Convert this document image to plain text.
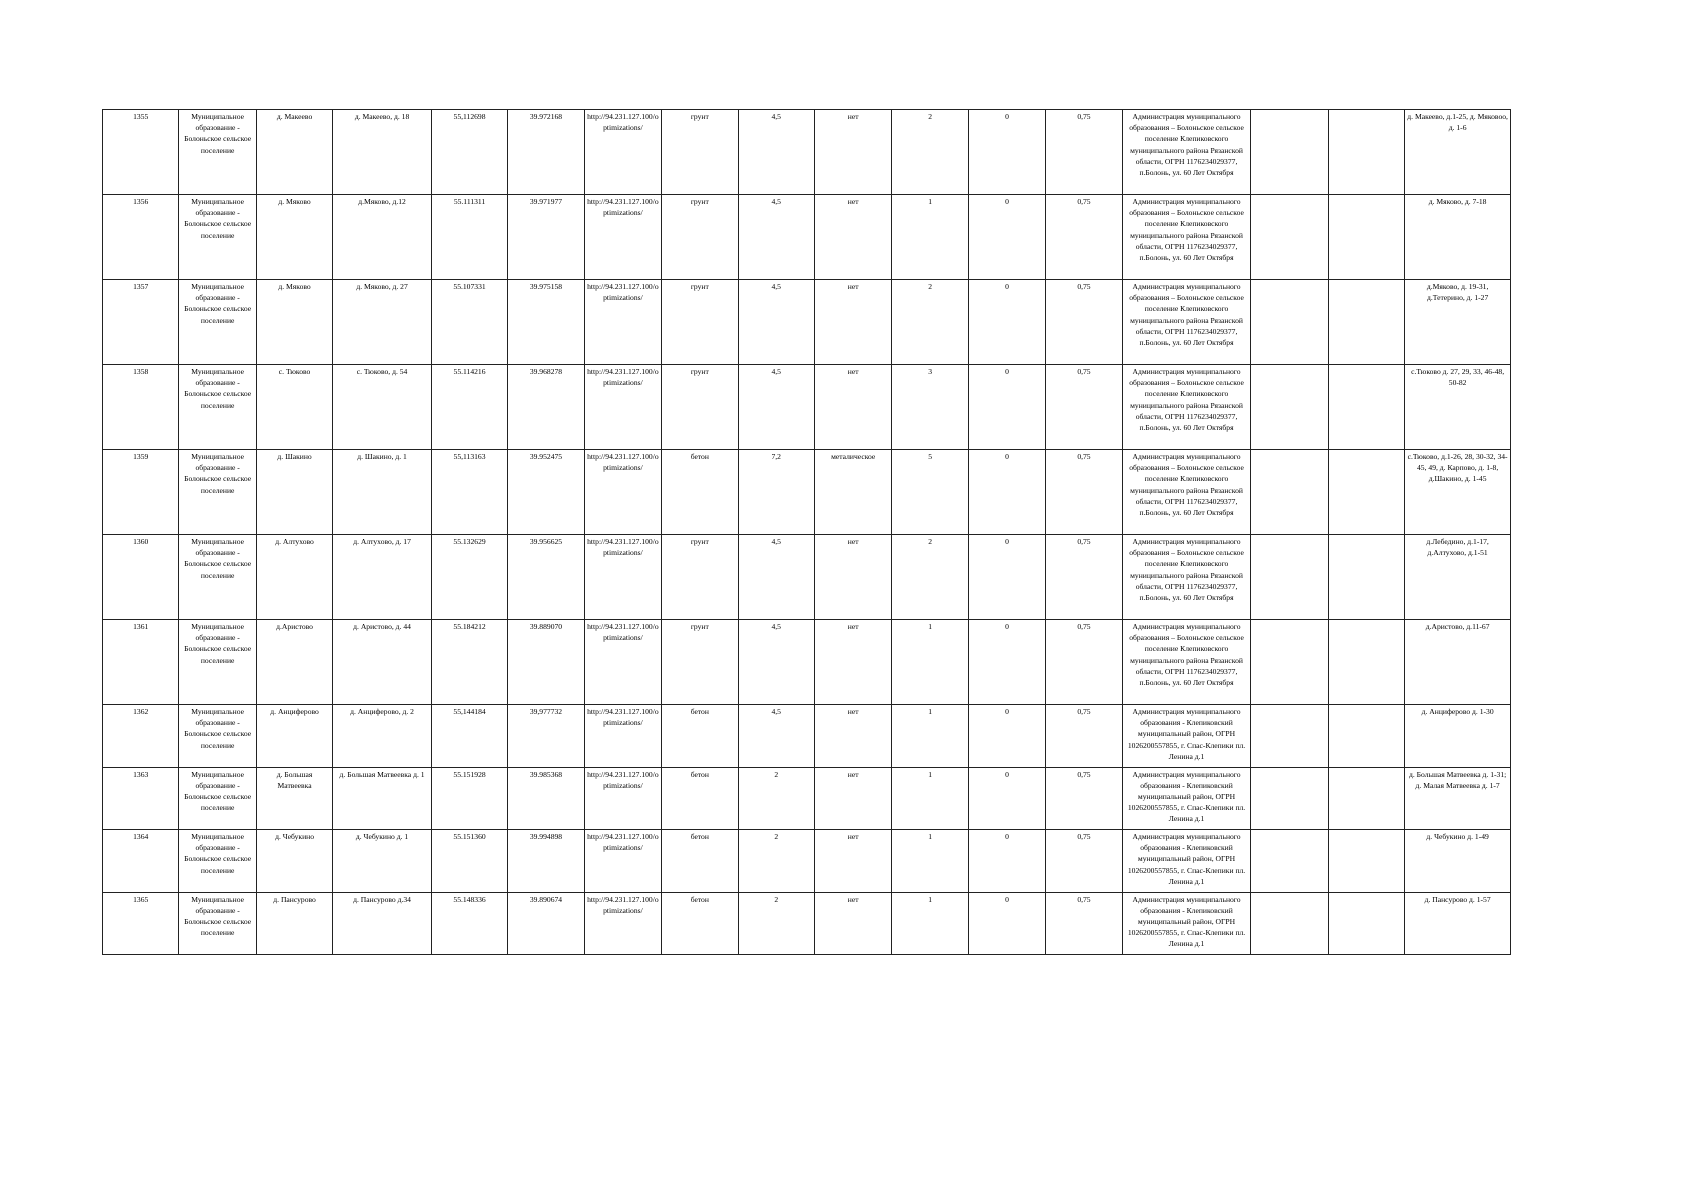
1355	Муниципальное образование - Болоньское сельское поселение	д. Макеево	д. Макеево, д. 18	55,112698	39.972168	http://94.231.127.100/optimizations/	грунт	4,5	нет	2	0	0,75	Администрация муниципального образования – Болоньское сельское поселение Клепиковского муниципального района Рязанской области, ОГРН 1176234029377, п.Болонь, ул. 60 Лет Октября			д. Макеево, д.1-25, д. Мяковоо, д. 1-6
1356	Муниципальное образование - Болоньское сельское поселение	д. Мяково	д.Мяково, д.12	55.111311	39.971977	http://94.231.127.100/optimizations/	грунт	4,5	нет	1	0	0,75	Администрация муниципального образования – Болоньское сельское поселение Клепиковского муниципального района Рязанской области, ОГРН 1176234029377, п.Болонь, ул. 60 Лет Октября			д. Мяково, д. 7-18
1357	Муниципальное образование - Болоньское сельское поселение	д. Мяково	д. Мяково, д. 27	55.107331	39.975158	http://94.231.127.100/optimizations/	грунт	4,5	нет	2	0	0,75	Администрация муниципального образования – Болоньское сельское поселение Клепиковского муниципального района Рязанской области, ОГРН 1176234029377, п.Болонь, ул. 60 Лет Октября			д.Мяково, д. 19-31, д.Тетерино, д. 1-27
1358	Муниципальное образование - Болоньское сельское поселение	с. Тюково	с. Тюково, д. 54	55.114216	39.968278	http://94.231.127.100/optimizations/	грунт	4,5	нет	3	0	0,75	Администрация муниципального образования – Болоньское сельское поселение Клепиковского муниципального района Рязанской области, ОГРН 1176234029377, п.Болонь, ул. 60 Лет Октября			с.Тюково д. 27, 29, 33, 46-48, 50-82
1359	Муниципальное образование - Болоньское сельское поселение	д. Шакино	д. Шакино, д. 1	55,113163	39.952475	http://94.231.127.100/optimizations/	бетон	7,2	металическое	5	0	0,75	Администрация муниципального образования – Болоньское сельское поселение Клепиковского муниципального района Рязанской области, ОГРН 1176234029377, п.Болонь, ул. 60 Лет Октября			с.Тюково, д.1-26, 28, 30-32, 34-45, 49, д. Карпово, д. 1-8, д.Шакино, д. 1-45
1360	Муниципальное образование - Болоньское сельское поселение	д. Алтухово	д. Алтухово, д. 17	55.132629	39.956625	http://94.231.127.100/optimizations/	грунт	4,5	нет	2	0	0,75	Администрация муниципального образования – Болоньское сельское поселение Клепиковского муниципального района Рязанской области, ОГРН 1176234029377, п.Болонь, ул. 60 Лет Октября			д.Лебедино, д.1-17, д.Алтухово, д.1-51
1361	Муниципальное образование - Болоньское сельское поселение	д.Аристово	д. Аристово, д. 44	55.184212	39.889070	http://94.231.127.100/optimizations/	грунт	4,5	нет	1	0	0,75	Администрация муниципального образования – Болоньское сельское поселение Клепиковского муниципального района Рязанской области, ОГРН 1176234029377, п.Болонь, ул. 60 Лет Октября			д.Аристово, д.11-67
1362	Муниципальное образование - Болоньское сельское поселение	д. Анциферово	д. Анциферово, д. 2	55,144184	39,977732	http://94.231.127.100/optimizations/	бетон	4,5	нет	1	0	0,75	Администрация муниципального образования - Клепиковский муниципальный район, ОГРН 1026200557855, г. Спас-Клепики пл. Ленина д.1			д. Анциферово д. 1-30
1363	Муниципальное образование - Болоньское сельское поселение	д. Большая Матвеевка	д. Большая Матвеевка д. 1	55.151928	39.985368	http://94.231.127.100/optimizations/	бетон	2	нет	1	0	0,75	Администрация муниципального образования - Клепиковский муниципальный район, ОГРН 1026200557855, г. Спас-Клепики пл. Ленина д.1			д. Большая Матвеевка д. 1-31; д. Малая Матвеевка д. 1-7
1364	Муниципальное образование - Болоньское сельское поселение	д. Чебукино	д. Чебукино д. 1	55.151360	39.994898	http://94.231.127.100/optimizations/	бетон	2	нет	1	0	0,75	Администрация муниципального образования - Клепиковский муниципальный район, ОГРН 1026200557855, г. Спас-Клепики пл. Ленина д.1			д. Чебукино д. 1-49
1365	Муниципальное образование - Болоньское сельское поселение	д. Пансурово	д. Пансурово д.34	55.148336	39.890674	http://94.231.127.100/optimizations/	бетон	2	нет	1	0	0,75	Администрация муниципального образования - Клепиковский муниципальный район, ОГРН 1026200557855, г. Спас-Клепики пл. Ленина д.1			д. Пансурово д. 1-57
